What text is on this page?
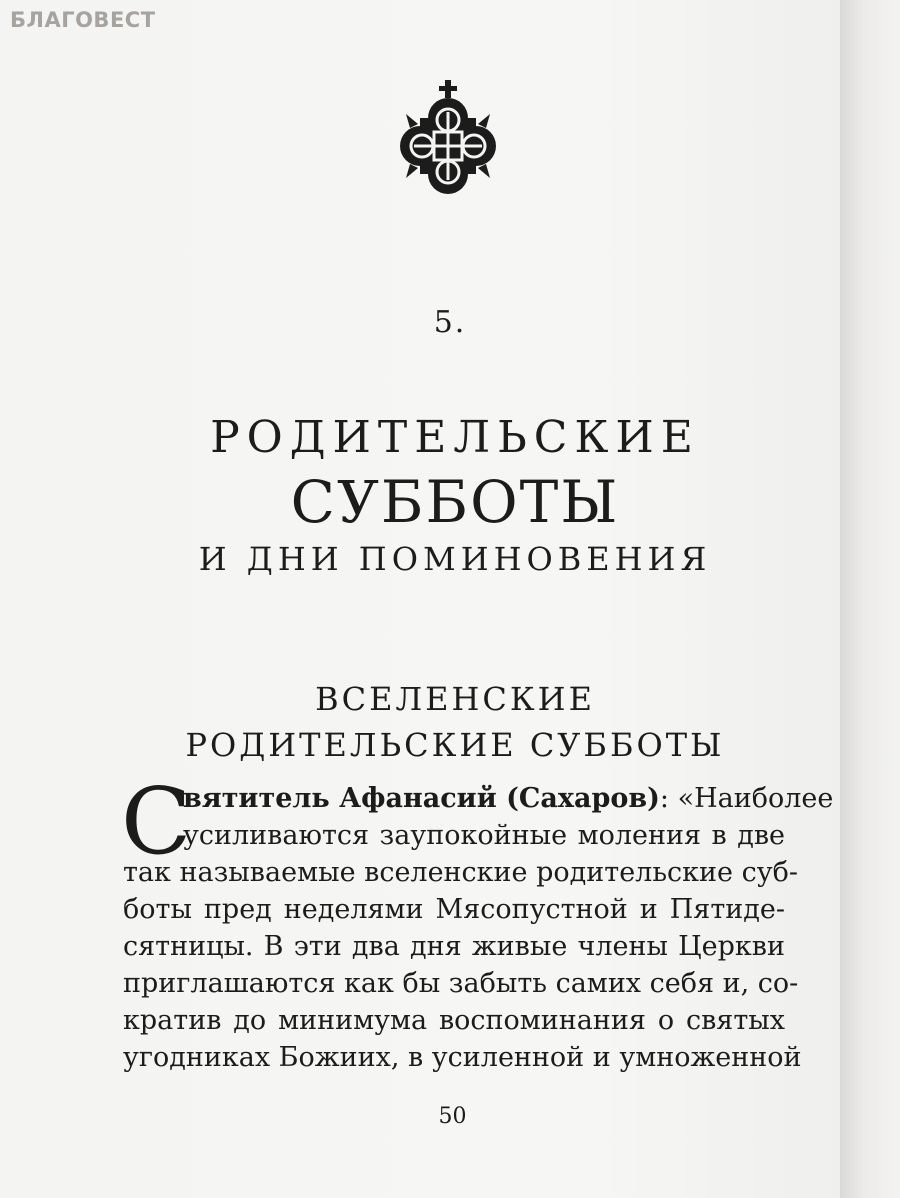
БЛАГОВЕСТ
5.
РОДИТЕЛЬСКИЕ
СУББОТЫ
И ДНИ ПОМИНОВЕНИЯ
ВСЕЛЕНСКИЕ
РОДИТЕЛЬСКИЕ СУББОТЫ
С
вятитель Афанасий (Сахаров): «Наиболее
усиливаются заупокойные моления в две
так называемые вселенские родительские суб-
боты пред неделями Мясопустной и Пятиде-
сятницы. В эти два дня живые члены Церкви
приглашаются как бы забыть самих себя и, со-
кратив до минимума воспоминания о святых
угодниках Божиих, в усиленной и умноженной
50
